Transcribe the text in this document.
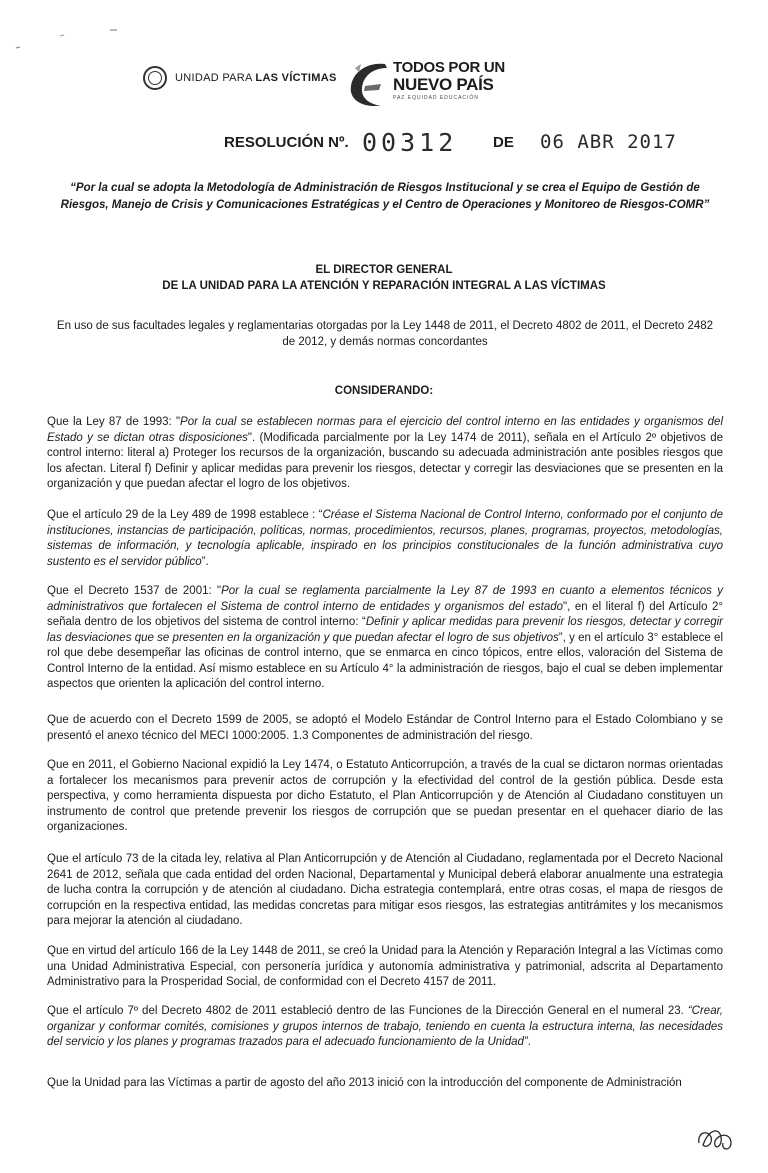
UNIDAD PARA LAS VÍCTIMAS
TODOS POR UN
NUEVO PAÍS
PAZ EQUIDAD EDUCACIÓN
RESOLUCIÓN Nº. 00312 DE 06 ABR 2017
“Por la cual se adopta la Metodología de Administración de Riesgos Institucional y se crea el Equipo de Gestión de Riesgos, Manejo de Crisis y Comunicaciones Estratégicas y el Centro de Operaciones y Monitoreo de Riesgos-COMR”
EL DIRECTOR GENERAL
DE LA UNIDAD PARA LA ATENCIÓN Y REPARACIÓN INTEGRAL A LAS VÍCTIMAS
En uso de sus facultades legales y reglamentarias otorgadas por la Ley 1448 de 2011, el Decreto 4802 de 2011, el Decreto 2482 de 2012, y demás normas concordantes
CONSIDERANDO:

Que la Ley 87 de 1993: "Por la cual se establecen normas para el ejercicio del control interno en las entidades y organismos del Estado y se dictan otras disposiciones". (Modificada parcialmente por la Ley 1474 de 2011), señala en el Artículo 2º objetivos de control interno: literal a) Proteger los recursos de la organización, buscando su adecuada administración ante posibles riesgos que los afectan. Literal f) Definir y aplicar medidas para prevenir los riesgos, detectar y corregir las desviaciones que se presenten en la organización y que puedan afectar el logro de los objetivos.

Que el artículo 29 de la Ley 489 de 1998 establece : “Créase el Sistema Nacional de Control Interno, conformado por el conjunto de instituciones, instancias de participación, políticas, normas, procedimientos, recursos, planes, programas, proyectos, metodologías, sistemas de información, y tecnología aplicable, inspirado en los principios constitucionales de la función administrativa cuyo sustento es el servidor público”.

Que el Decreto 1537 de 2001: "Por la cual se reglamenta parcialmente la Ley 87 de 1993 en cuanto a elementos técnicos y administrativos que fortalecen el Sistema de control interno de entidades y organismos del estado", en el literal f) del Artículo 2° señala dentro de los objetivos del sistema de control interno: “Definir y aplicar medidas para prevenir los riesgos, detectar y corregir las desviaciones que se presenten en la organización y que puedan afectar el logro de sus objetivos”, y en el artículo 3° establece el rol que debe desempeñar las oficinas de control interno, que se enmarca en cinco tópicos, entre ellos, valoración del Sistema de Control Interno de la entidad. Así mismo establece en su Artículo 4° la administración de riesgos, bajo el cual se deben implementar aspectos que orienten la aplicación del control interno.

Que de acuerdo con el Decreto 1599 de 2005, se adoptó el Modelo Estándar de Control Interno para el Estado Colombiano y se presentó el anexo técnico del MECI 1000:2005. 1.3 Componentes de administración del riesgo.

Que en 2011, el Gobierno Nacional expidió la Ley 1474, o Estatuto Anticorrupción, a través de la cual se dictaron normas orientadas a fortalecer los mecanismos para prevenir actos de corrupción y la efectividad del control de la gestión pública. Desde esta perspectiva, y como herramienta dispuesta por dicho Estatuto, el Plan Anticorrupción y de Atención al Ciudadano constituyen un instrumento de control que pretende prevenir los riesgos de corrupción que se puedan presentar en el quehacer diario de las organizaciones.

Que el artículo 73 de la citada ley, relativa al Plan Anticorrupción y de Atención al Ciudadano, reglamentada por el Decreto Nacional 2641 de 2012, señala que cada entidad del orden Nacional, Departamental y Municipal deberá elaborar anualmente una estrategia de lucha contra la corrupción y de atención al ciudadano. Dicha estrategia contemplará, entre otras cosas, el mapa de riesgos de corrupción en la respectiva entidad, las medidas concretas para mitigar esos riesgos, las estrategias antitrámites y los mecanismos para mejorar la atención al ciudadano.

Que en virtud del artículo 166 de la Ley 1448 de 2011, se creó la Unidad para la Atención y Reparación Integral a las Víctimas como una Unidad Administrativa Especial, con personería jurídica y autonomía administrativa y patrimonial, adscrita al Departamento Administrativo para la Prosperidad Social, de conformidad con el Decreto 4157 de 2011.

Que el artículo 7º del Decreto 4802 de 2011 estableció dentro de las Funciones de la Dirección General en el numeral 23. “Crear, organizar y conformar comités, comisiones y grupos internos de trabajo, teniendo en cuenta la estructura interna, las necesidades del servicio y los planes y programas trazados para el adecuado funcionamiento de la Unidad”.

Que la Unidad para las Víctimas a partir de agosto del año 2013 inició con la introducción del componente de Administración
